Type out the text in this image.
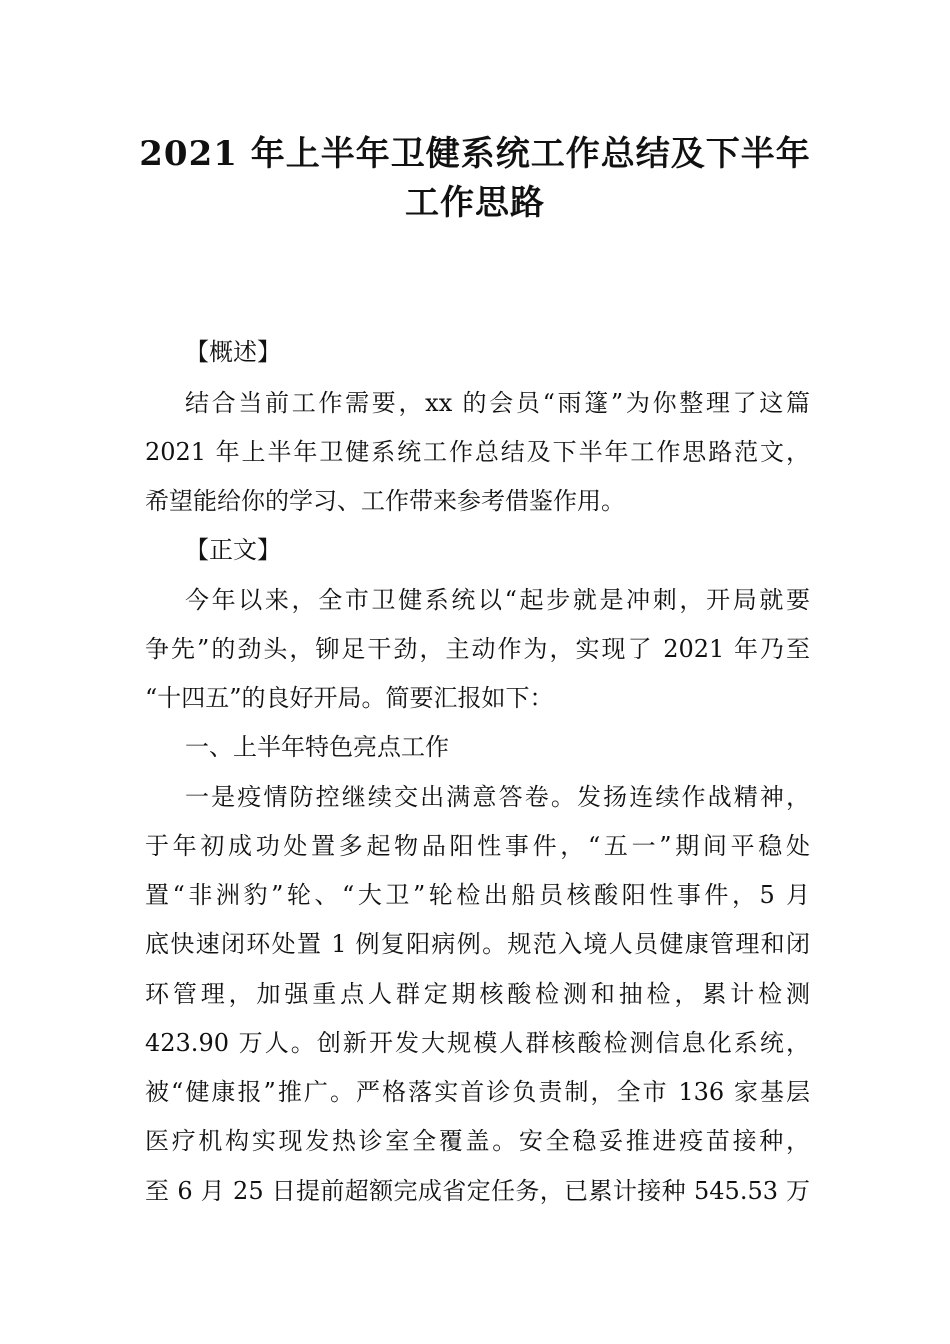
2021 年上半年卫健系统工作总结及下半年
工作思路
【概述】
结合当前工作需要，xx 的会员“雨篷”为你整理了这篇
2021 年上半年卫健系统工作总结及下半年工作思路范文，
希望能给你的学习、工作带来参考借鉴作用。
【正文】
今年以来，全市卫健系统以“起步就是冲刺，开局就要
争先”的劲头，铆足干劲，主动作为，实现了 2021 年乃至
“十四五”的良好开局。简要汇报如下：
一、上半年特色亮点工作
一是疫情防控继续交出满意答卷。发扬连续作战精神，
于年初成功处置多起物品阳性事件，“五一”期间平稳处
置“非洲豹”轮、“大卫”轮检出船员核酸阳性事件，5 月
底快速闭环处置 1 例复阳病例。规范入境人员健康管理和闭
环管理，加强重点人群定期核酸检测和抽检，累计检测
423.90 万人。创新开发大规模人群核酸检测信息化系统，
被“健康报”推广。严格落实首诊负责制，全市 136 家基层
医疗机构实现发热诊室全覆盖。安全稳妥推进疫苗接种，
至 6 月 25 日提前超额完成省定任务，已累计接种 545.53 万
